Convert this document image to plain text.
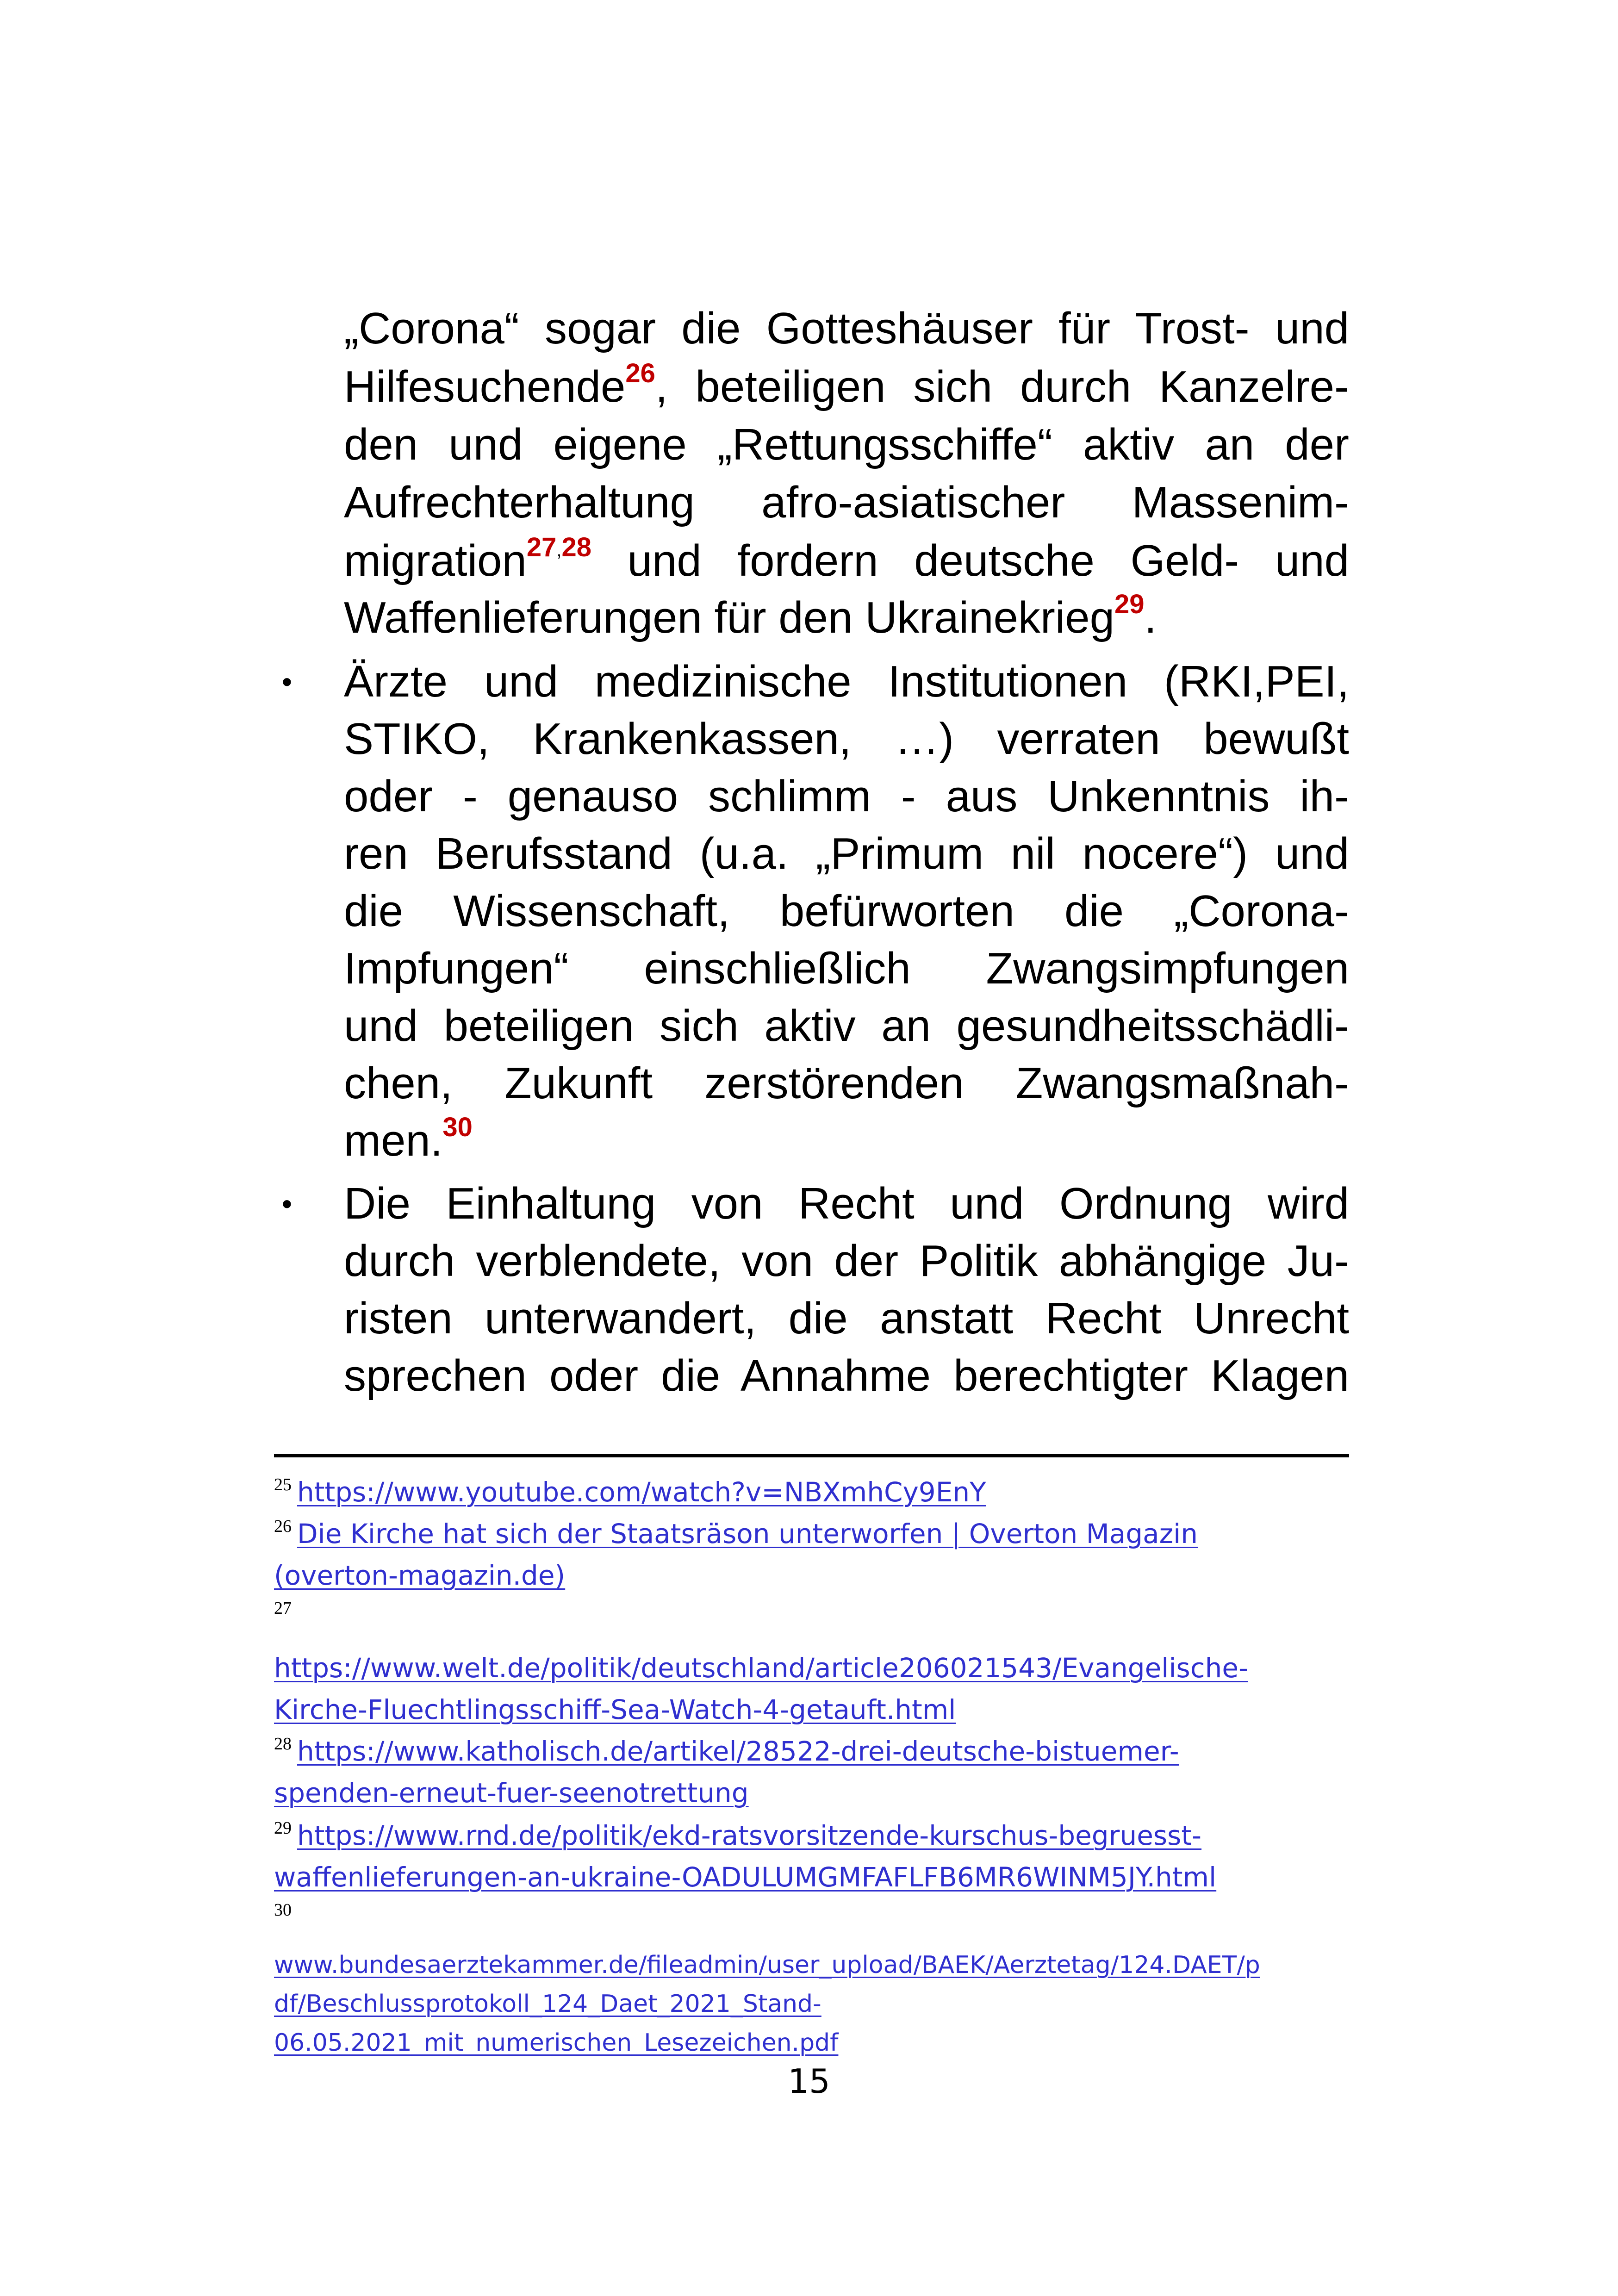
„Corona“ sogar die Gotteshäuser für Trost- und
Hilfesuchende$^{26}$, beteiligen sich durch Kanzelre-
den und eigene „Rettungsschiffe“ aktiv an der
Aufrechterhaltung afro-asiatischer Massenim-
migration$^{27,28}$ und fordern deutsche Geld- und
Waffenlieferungen für den Ukrainekrieg$^{29}$.
• Ärzte und medizinische Institutionen (RKI,PEI,
STIKO, Krankenkassen, …) verraten bewußt
oder - genauso schlimm - aus Unkenntnis ih-
ren Berufsstand (u.a. „Primum nil nocere“) und
die Wissenschaft, befürworten die „Corona-
Impfungen“ einschließlich Zwangsimpfungen
und beteiligen sich aktiv an gesundheitsschädli-
chen, Zukunft zerstörenden Zwangsmaßnah-
men.$^{30}$
• Die Einhaltung von Recht und Ordnung wird
durch verblendete, von der Politik abhängige Ju-
risten unterwandert, die anstatt Recht Unrecht
sprechen oder die Annahme berechtigter Klagen
$^{25}$ https://www.youtube.com/watch?v=NBXmhCy9EnY
$^{26}$ Die Kirche hat sich der Staatsräson unterworfen | Overton Magazin
(overton-magazin.de)
27
https://www.welt.de/politik/deutschland/article206021543/Evangelische-
Kirche-Fluechtlingsschiff-Sea-Watch-4-getauft.html
$^{28}$ https://www.katholisch.de/artikel/28522-drei-deutsche-bistuemer-
spenden-erneut-fuer-seenotrettung
$^{29}$ https://www.rnd.de/politik/ekd-ratsvorsitzende-kurschus-begruesst-
waffenlieferungen-an-ukraine-OADULUMGMFAFLFB6MR6WINM5JY.html
30
www.bundesaerztekammer.de/fileadmin/user_upload/BAEK/Aerztetag/124.DAET/p
df/Beschlussprotokoll_124_Daet_2021_Stand-
06.05.2021_mit_numerischen_Lesezeichen.pdf
15
